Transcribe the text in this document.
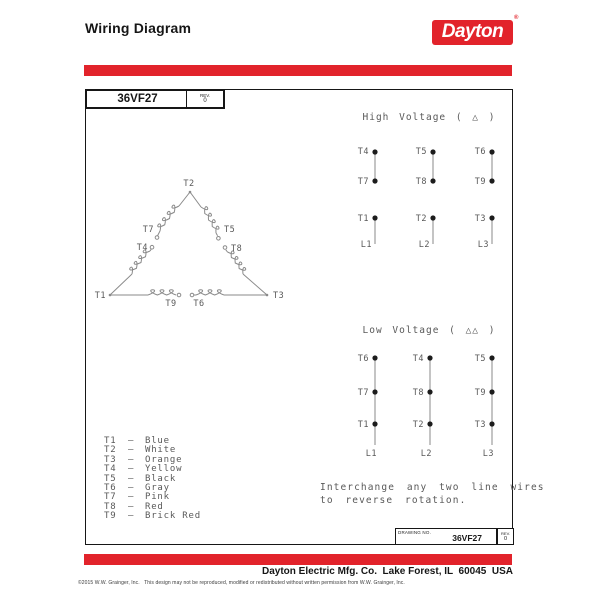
Wiring Diagram	Dayton
®
36VF27	REV.
0
T2
T1	T3
T7
T4
T5
T8
T9 T6
High Voltage ( △ )
T4
T7
T5
T8
T6
T9
T1
L1
T2
L2
T3
L3
Low Voltage ( △△ )
T6
T7
T1
L1
T4
T8
T2
L2
T5
T9
T3
L3
T1 — Blue
T2 — White
T3 — Orange
T4 — Yellow
T5 — Black
T6 — Gray
T7 — Pink
T8 — Red
T9 — Brick Red
Interchange any two line wires
to reverse rotation.
DRAWING NO.
36VF27	REV.
0
Dayton Electric Mfg. Co.  Lake Forest, IL  60045  USA
©2015 W.W. Grainger, Inc.   This design may not be reproduced, modified or redistributed without written permission from W.W. Grainger, Inc.
